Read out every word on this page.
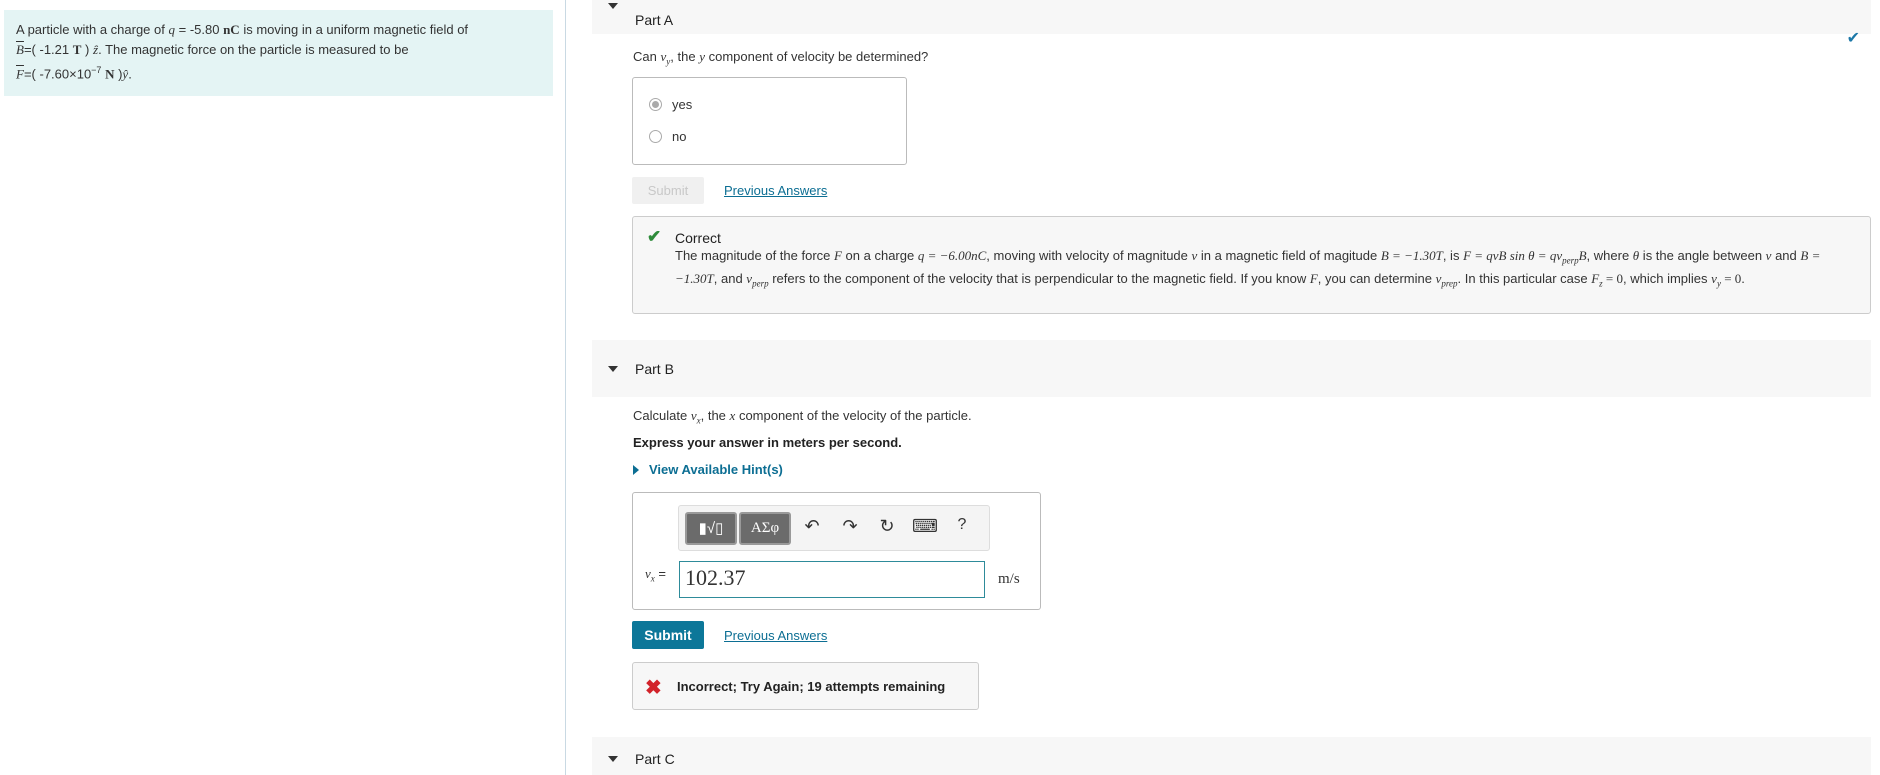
A particle with a charge of q = -5.80 nC is moving in a uniform magnetic field of
$\overline{B}=$( -1.21 T ) ẑ. The magnetic force on the particle is measured to be
$\overline{F}=$( $-7.60\times 10^{-7}$ N )ŷ.
Part A
✔
Can $v_y$, the y component of velocity be determined?
yes
no
Submit	Previous Answers
✔ Correct
The magnitude of the force F on a charge q = −6.00nC, moving with velocity of magnitude v in a magnetic field of magitude B = −1.30T, is F = qvB $\sin \theta = qv_{perp}B$, where θ is the angle between v and B = −1.30T, and $v_{perp}$ refers to the component of the velocity that is perpendicular to the magnetic field. If you know F, you can determine $v_{prep}$. In this particular case $F_z = 0$, which implies $v_y = 0$.
Part B
Calculate $v_x$, the x component of the velocity of the particle.
Express your answer in meters per second.
View Available Hint(s)
▮√▯	ΑΣφ	↶ ↷ ↻ ⌨	?
$v_x = 102.37$	m/s
Submit	Previous Answers
✖ Incorrect; Try Again; 19 attempts remaining
Part C
